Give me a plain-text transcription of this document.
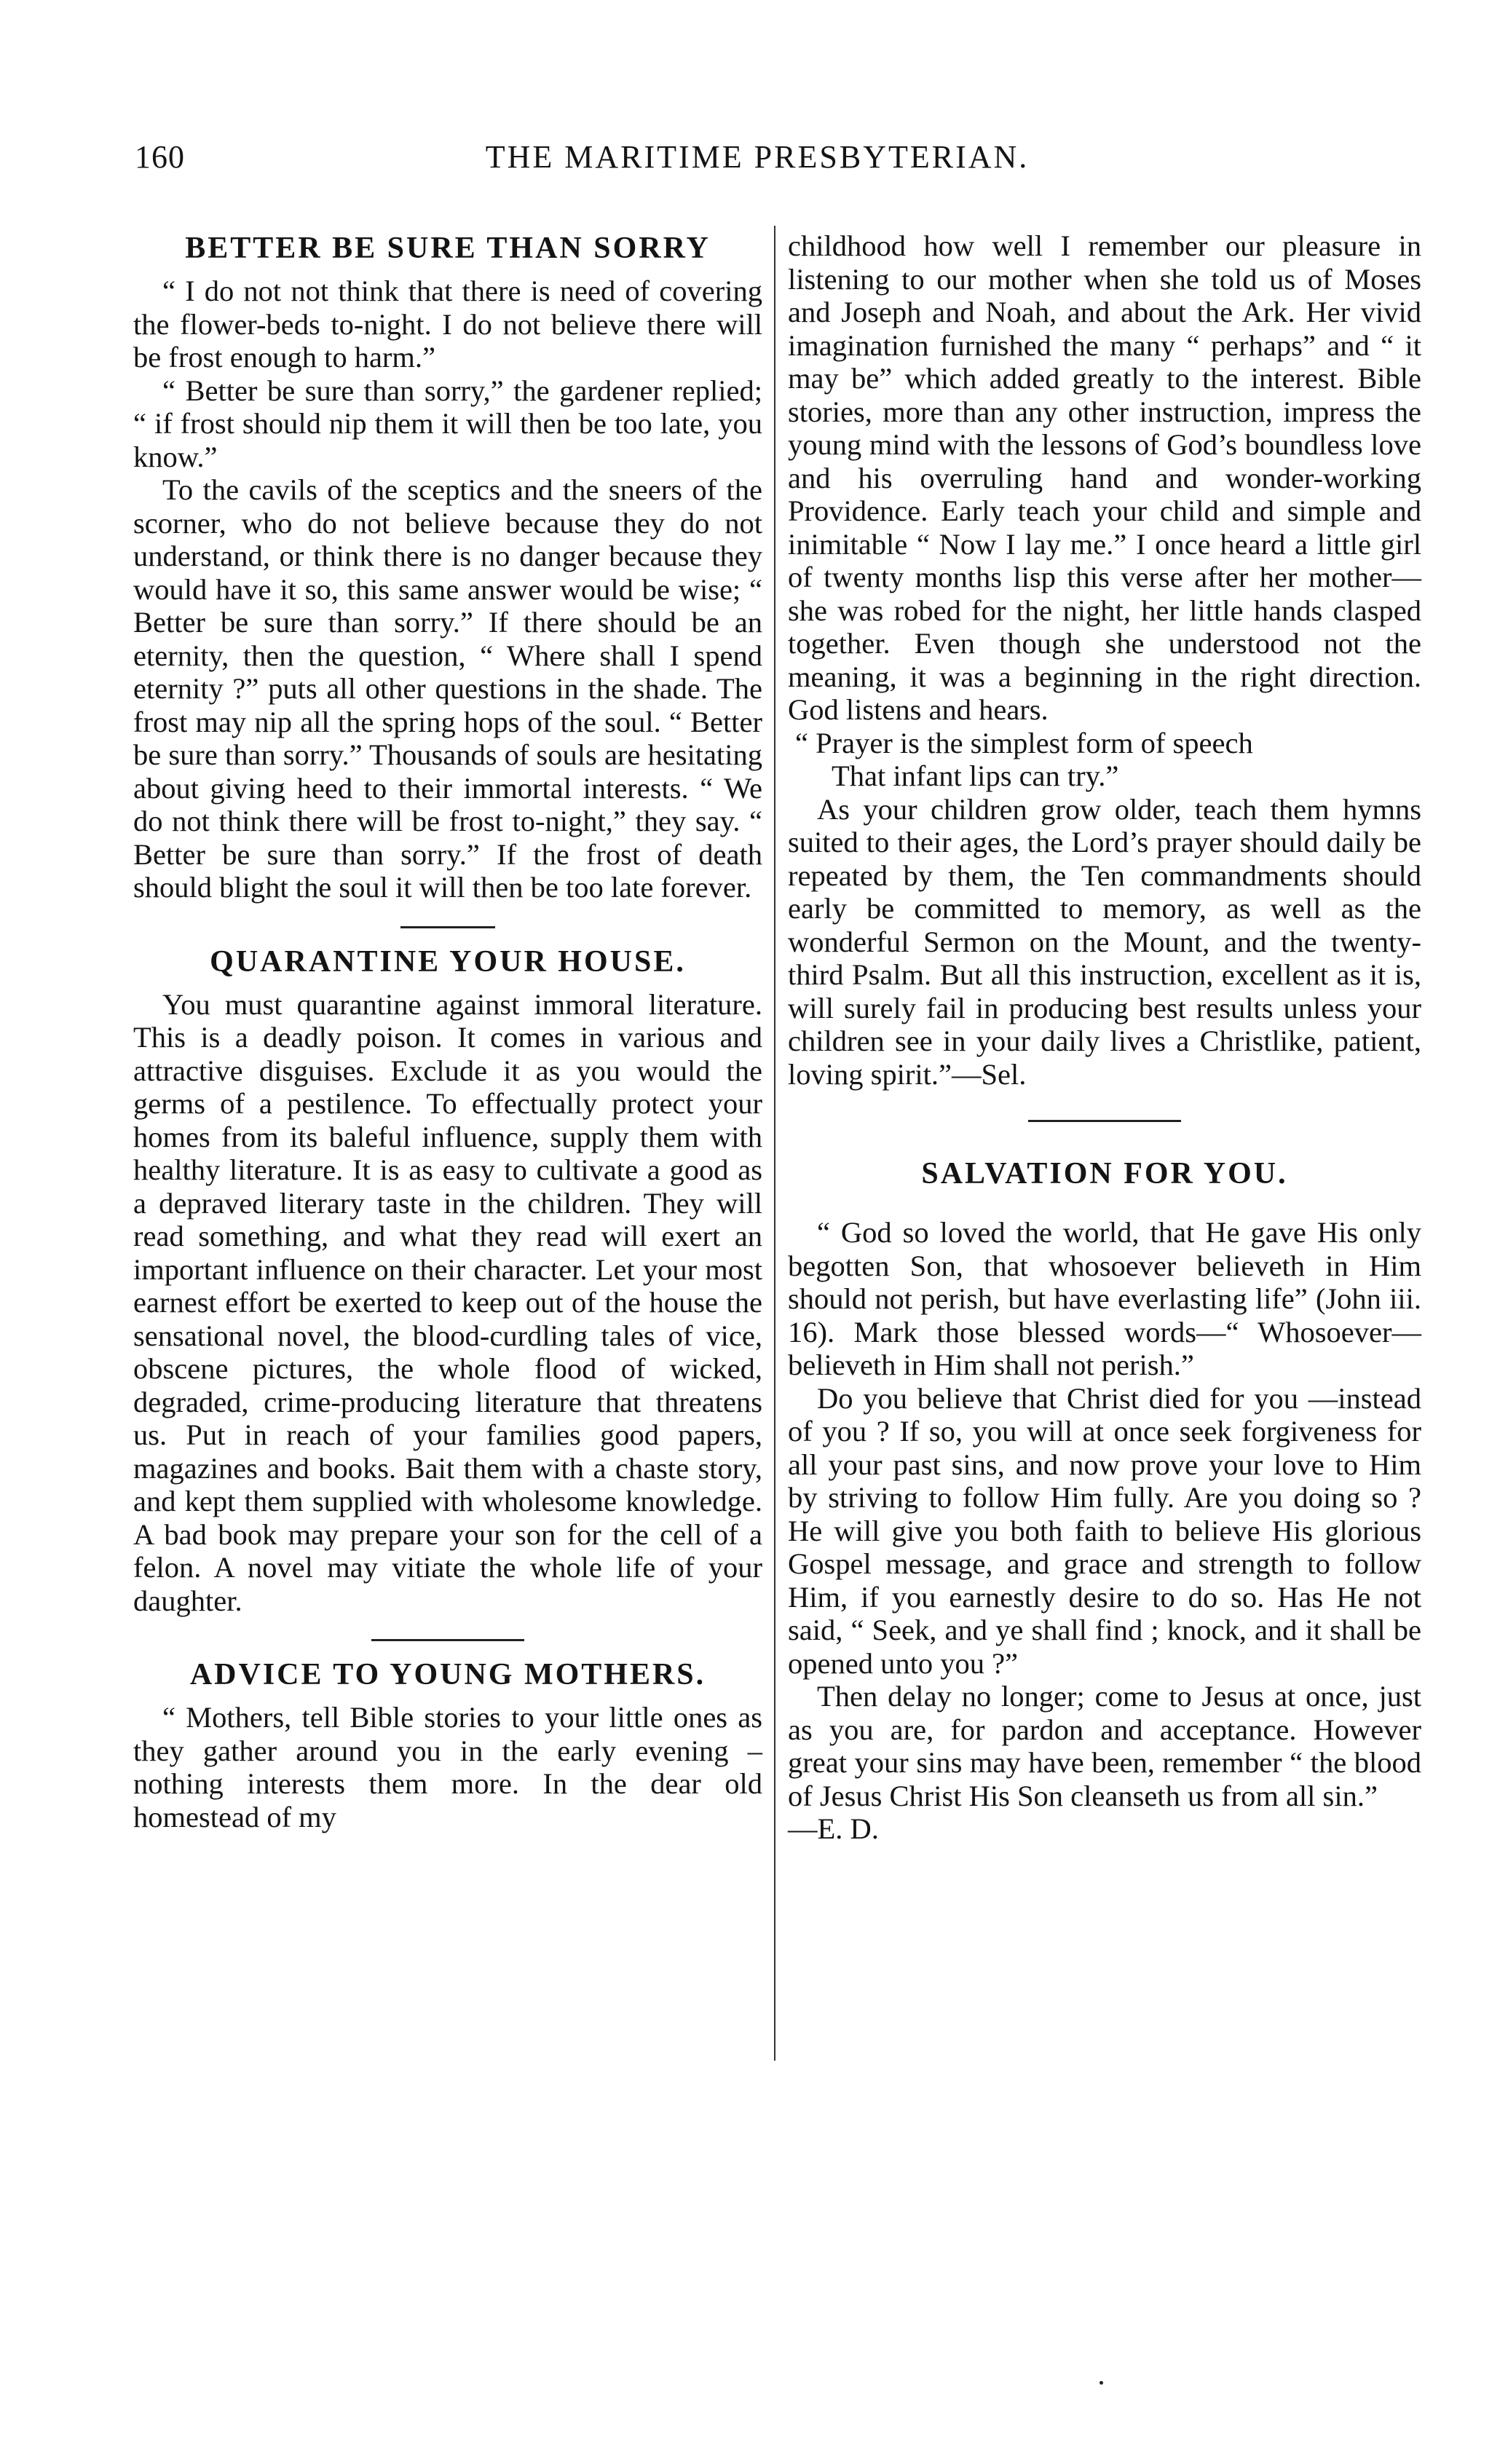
160	THE MARITIME PRESBYTERIAN.
BETTER BE SURE THAN SORRY

“ I do not not think that there is need of covering the flower-beds to-night. I do not believe there will be frost enough to harm.”

“ Better be sure than sorry,” the gardener replied; “ if frost should nip them it will then be too late, you know.”

To the cavils of the sceptics and the sneers of the scorner, who do not believe because they do not understand, or think there is no danger because they would have it so, this same answer would be wise; “ Better be sure than sorry.” If there should be an eternity, then the question, “ Where shall I spend eternity ?” puts all other questions in the shade. The frost may nip all the spring hops of the soul. “ Better be sure than sorry.” Thousands of souls are hesitating about giving heed to their immortal interests. “ We do not think there will be frost to-night,” they say. “ Better be sure than sorry.” If the frost of death should blight the soul it will then be too late forever.

QUARANTINE YOUR HOUSE.

You must quarantine against immoral literature. This is a deadly poison. It comes in various and attractive disguises. Exclude it as you would the germs of a pestilence. To effectually protect your homes from its baleful influence, supply them with healthy literature. It is as easy to cultivate a good as a depraved literary taste in the children. They will read something, and what they read will exert an important influence on their character. Let your most earnest effort be exerted to keep out of the house the sensational novel, the blood-curdling tales of vice, obscene pictures, the whole flood of wicked, degraded, crime-producing literature that threatens us. Put in reach of your families good papers, magazines and books. Bait them with a chaste story, and kept them supplied with wholesome knowledge. A bad book may prepare your son for the cell of a felon. A novel may vitiate the whole life of your daughter.

ADVICE TO YOUNG MOTHERS.

“ Mothers, tell Bible stories to your little ones as they gather around you in the early evening – nothing interests them more. In the dear old homestead of my

childhood how well I remember our pleasure in listening to our mother when she told us of Moses and Joseph and Noah, and about the Ark. Her vivid imagination furnished the many “ perhaps” and “ it may be” which added greatly to the interest. Bible stories, more than any other instruction, impress the young mind with the lessons of God’s boundless love and his overruling hand and wonder-working Providence. Early teach your child and simple and inimitable “ Now I lay me.” I once heard a little girl of twenty months lisp this verse after her mother—she was robed for the night, her little hands clasped together. Even though she understood not the meaning, it was a beginning in the right direction. God listens and hears.

“ Prayer is the simplest form of speech
That infant lips can try.”

As your children grow older, teach them hymns suited to their ages, the Lord’s prayer should daily be repeated by them, the Ten commandments should early be committed to memory, as well as the wonderful Sermon on the Mount, and the twenty-third Psalm. But all this instruction, excellent as it is, will surely fail in producing best results unless your children see in your daily lives a Christlike, patient, loving spirit.”—Sel.

SALVATION FOR YOU.

“ God so loved the world, that He gave His only begotten Son, that whosoever believeth in Him should not perish, but have everlasting life” (John iii. 16). Mark those blessed words—“ Whosoever—believeth in Him shall not perish.”

Do you believe that Christ died for you —instead of you ? If so, you will at once seek forgiveness for all your past sins, and now prove your love to Him by striving to follow Him fully. Are you doing so ? He will give you both faith to believe His glorious Gospel message, and grace and strength to follow Him, if you earnestly desire to do so. Has He not said, “ Seek, and ye shall find ; knock, and it shall be opened unto you ?”

Then delay no longer; come to Jesus at once, just as you are, for pardon and acceptance. However great your sins may have been, remember “ the blood of Jesus Christ His Son cleanseth us from all sin.”

—E. D.
